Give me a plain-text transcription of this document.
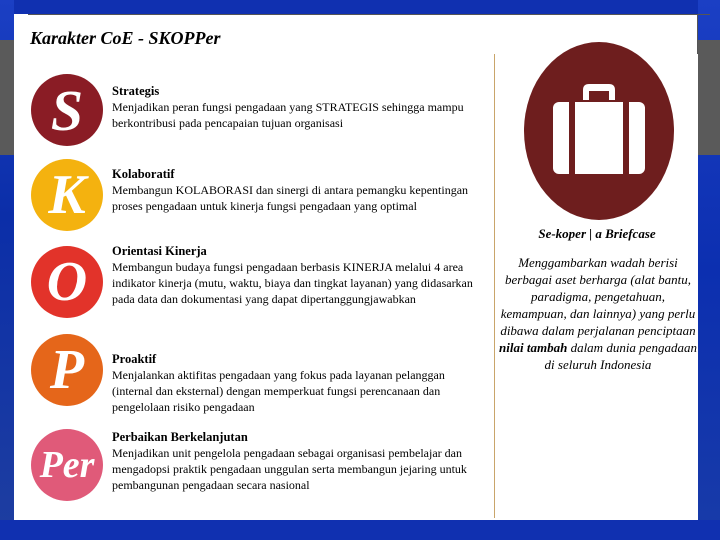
Karakter CoE - SKOPPer
S
K
O
P
Per
Strategis

Menjadikan peran fungsi pengadaan yang STRATEGIS sehingga mampu berkontribusi pada pencapaian tujuan organisasi

Kolaboratif

Membangun KOLABORASI dan sinergi di antara pemangku kepentingan proses pengadaan untuk kinerja fungsi pengadaan yang optimal

Orientasi Kinerja

Membangun budaya fungsi pengadaan berbasis KINERJA melalui 4 area indikator kinerja (mutu, waktu, biaya dan tingkat layanan) yang didasarkan pada data dan dokumentasi yang dapat dipertanggungjawabkan

Proaktif

Menjalankan aktifitas pengadaan yang fokus pada layanan pelanggan (internal dan eksternal) dengan memperkuat fungsi perencanaan dan pengelolaan risiko pengadaan

Perbaikan Berkelanjutan

Menjadikan unit pengelola pengadaan sebagai organisasi pembelajar dan mengadopsi praktik pengadaan unggulan serta membangun jejaring untuk pembangunan pengadaan secara nasional

Se-koper | a Briefcase
Menggambarkan wadah berisi berbagai aset berharga (alat bantu, paradigma, pengetahuan, kemampuan, dan lainnya) yang perlu dibawa dalam perjalanan penciptaan nilai tambah dalam dunia pengadaan di seluruh Indonesia
